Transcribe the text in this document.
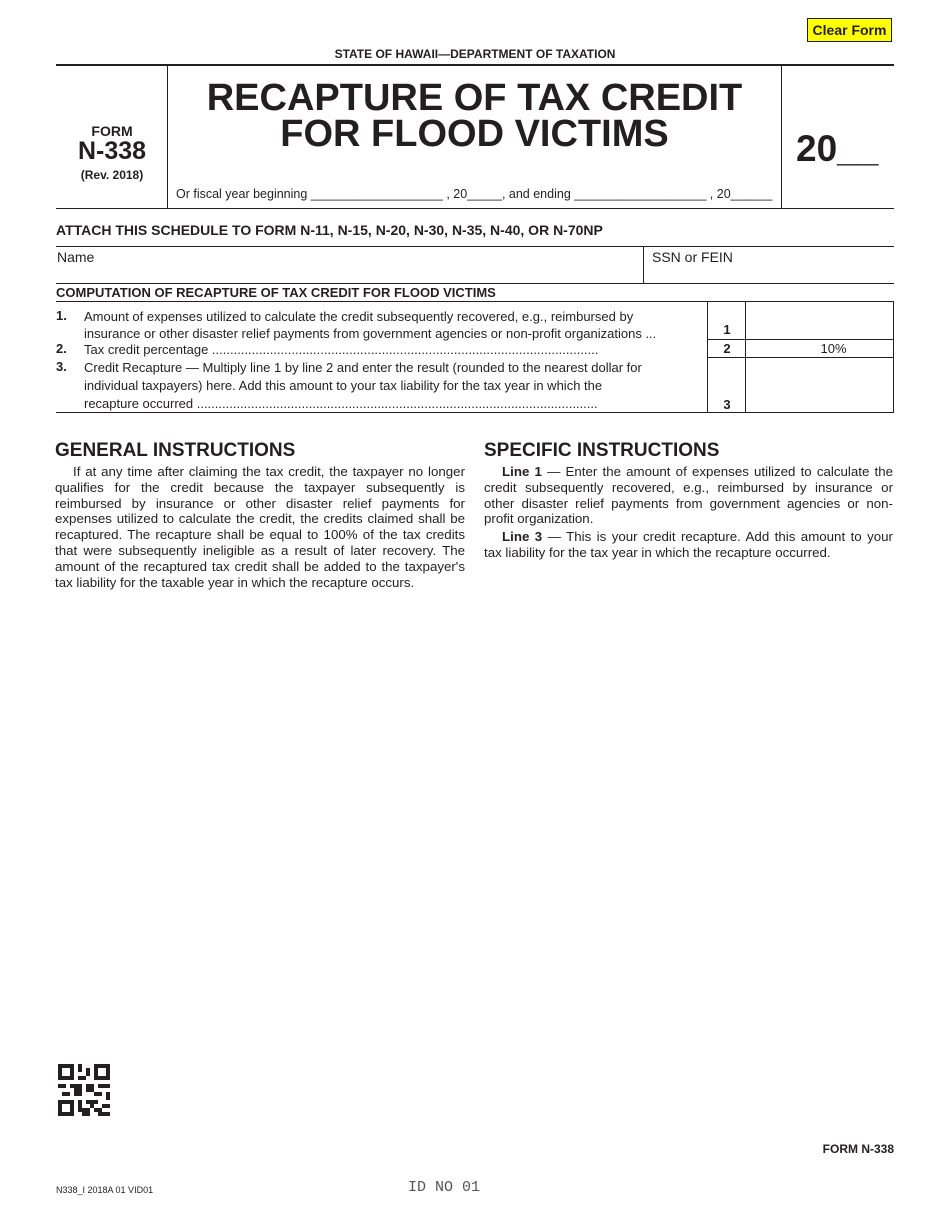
Clear Form
STATE OF HAWAII—DEPARTMENT OF TAXATION
FORM
N-338
(Rev. 2018)
RECAPTURE OF TAX CREDIT
FOR FLOOD VICTIMS
Or fiscal year beginning ___________________ , 20_____, and ending ___________________ , 20______
20__
ATTACH THIS SCHEDULE TO FORM N-11, N-15, N-20, N-30, N-35, N-40, OR N-70NP
Name	SSN or FEIN
COMPUTATION OF RECAPTURE OF TAX CREDIT FOR FLOOD VICTIMS
1. Amount of expenses utilized to calculate the credit subsequently recovered, e.g., reimbursed by
insurance or other disaster relief payments from government agencies or non-profit organizations ...	1
2. Tax credit percentage ...........................................................................................................	2	10%
3. Credit Recapture — Multiply line 1 by line 2 and enter the result (rounded to the nearest dollar for
individual taxpayers) here. Add this amount to your tax liability for the tax year in which the
recapture occurred ...............................................................................................................	3
GENERAL INSTRUCTIONS
If at any time after claiming the tax credit, the taxpayer no longer qualifies for the credit because the taxpayer subsequently is reimbursed by insurance or other disaster relief payments for expenses utilized to calculate the credit, the credits claimed shall be recaptured. The recapture shall be equal to 100% of the tax credits that were subsequently ineligible as a result of later recovery. The amount of the recaptured tax credit shall be added to the taxpayer's tax liability for the taxable year in which the recapture occurs.
SPECIFIC INSTRUCTIONS
Line 1 — Enter the amount of expenses utilized to calculate the credit subsequently recovered, e.g., reimbursed by insurance or other disaster relief payments from government agencies or non-profit organization.
Line 3 — This is your credit recapture. Add this amount to your tax liability for the tax year in which the recapture occurred.
FORM N-338
N338_I 2018A 01 VID01	ID NO 01
